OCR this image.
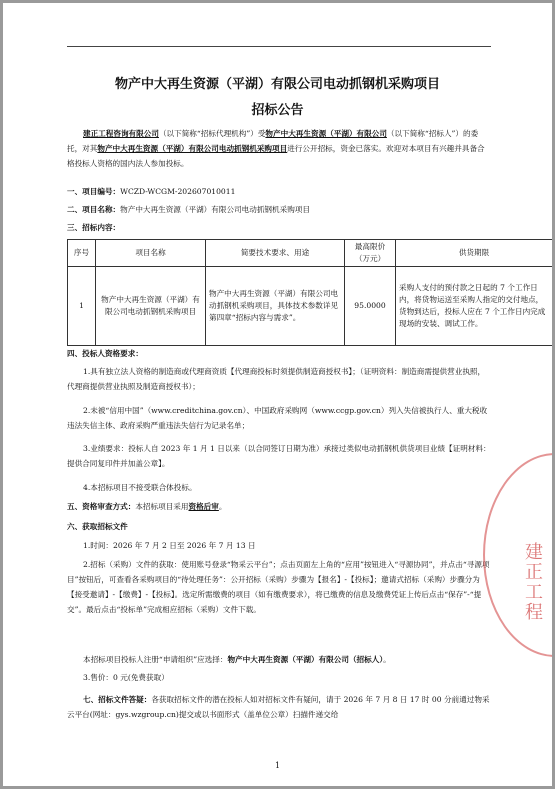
物产中大再生资源（平湖）有限公司电动抓钢机采购项目
招标公告
建正工程咨询有限公司（以下简称“招标代理机构”）受物产中大再生资源（平湖）有限公司（以下简称“招标人”）的委托，对其物产中大再生资源（平湖）有限公司电动抓钢机采购项目进行公开招标，资金已落实。欢迎对本项目有兴趣并具备合格投标人资格的国内法人参加投标。
一、项目编号：WCZD-WCGM-202607010011
二、项目名称：物产中大再生资源（平湖）有限公司电动抓钢机采购项目
三、招标内容：
序号	项目名称	简要技术要求、用途	最高限价（万元）	供货期限
1	物产中大再生资源（平湖）有限公司电动抓钢机采购项目	物产中大再生资源（平湖）有限公司电动抓钢机采购项目，具体技术参数详见第四章“招标内容与需求”。	95.0000	采购人支付的预付款之日起的 7 个工作日内，将货物运送至采购人指定的交付地点，货物到达后，投标人应在 7 个工作日内完成现场的安装、调试工作。
四、投标人资格要求：
1.具有独立法人资格的制造商或代理商资质【代理商投标时须提供制造商授权书】；（证明资料：制造商需提供营业执照，代理商提供营业执照及制造商授权书）；
2.未被“信用中国”（www.creditchina.gov.cn）、中国政府采购网（www.ccgp.gov.cn）列入失信被执行人、重大税收违法失信主体、政府采购严重违法失信行为记录名单；
3.业绩要求：投标人自 2023 年 1 月 1 日以来（以合同签订日期为准）承接过类似电动抓钢机供货项目业绩【证明材料：提供合同复印件并加盖公章】。
4.本招标项目不接受联合体投标。
五、资格审查方式：本招标项目采用资格后审。
六、获取招标文件
1.时间：2026 年 7 月 2 日至 2026 年 7 月 13 日
2.招标（采购）文件的获取：使用账号登录“物采云平台”；点击页面左上角的“应用”按钮进入“寻源协同”，并点击“寻源项目”按钮后，可查看各采购项目的“待处理任务”：公开招标（采购）步骤为【报名】-【投标】；邀请式招标（采购）步骤分为【接受邀请】-【缴费】-【投标】。选定所需缴费的项目（如有缴费要求），将已缴费的信息及缴费凭证上传后点击“保存”-“提交”。最后点击“投标单”完成相应招标（采购）文件下载。
本招标项目投标人注册“申请组织”应选择：物产中大再生资源（平湖）有限公司（招标人）。
3.售价：0 元(免费获取）
七、招标文件答疑：各获取招标文件的潜在投标人如对招标文件有疑问，请于 2026 年 7 月 8 日 17 时 00 分前通过物采云平台(网址：gys.wzgroup.cn)提交或以书面形式（盖单位公章）扫描件递交给
1
建正工程
